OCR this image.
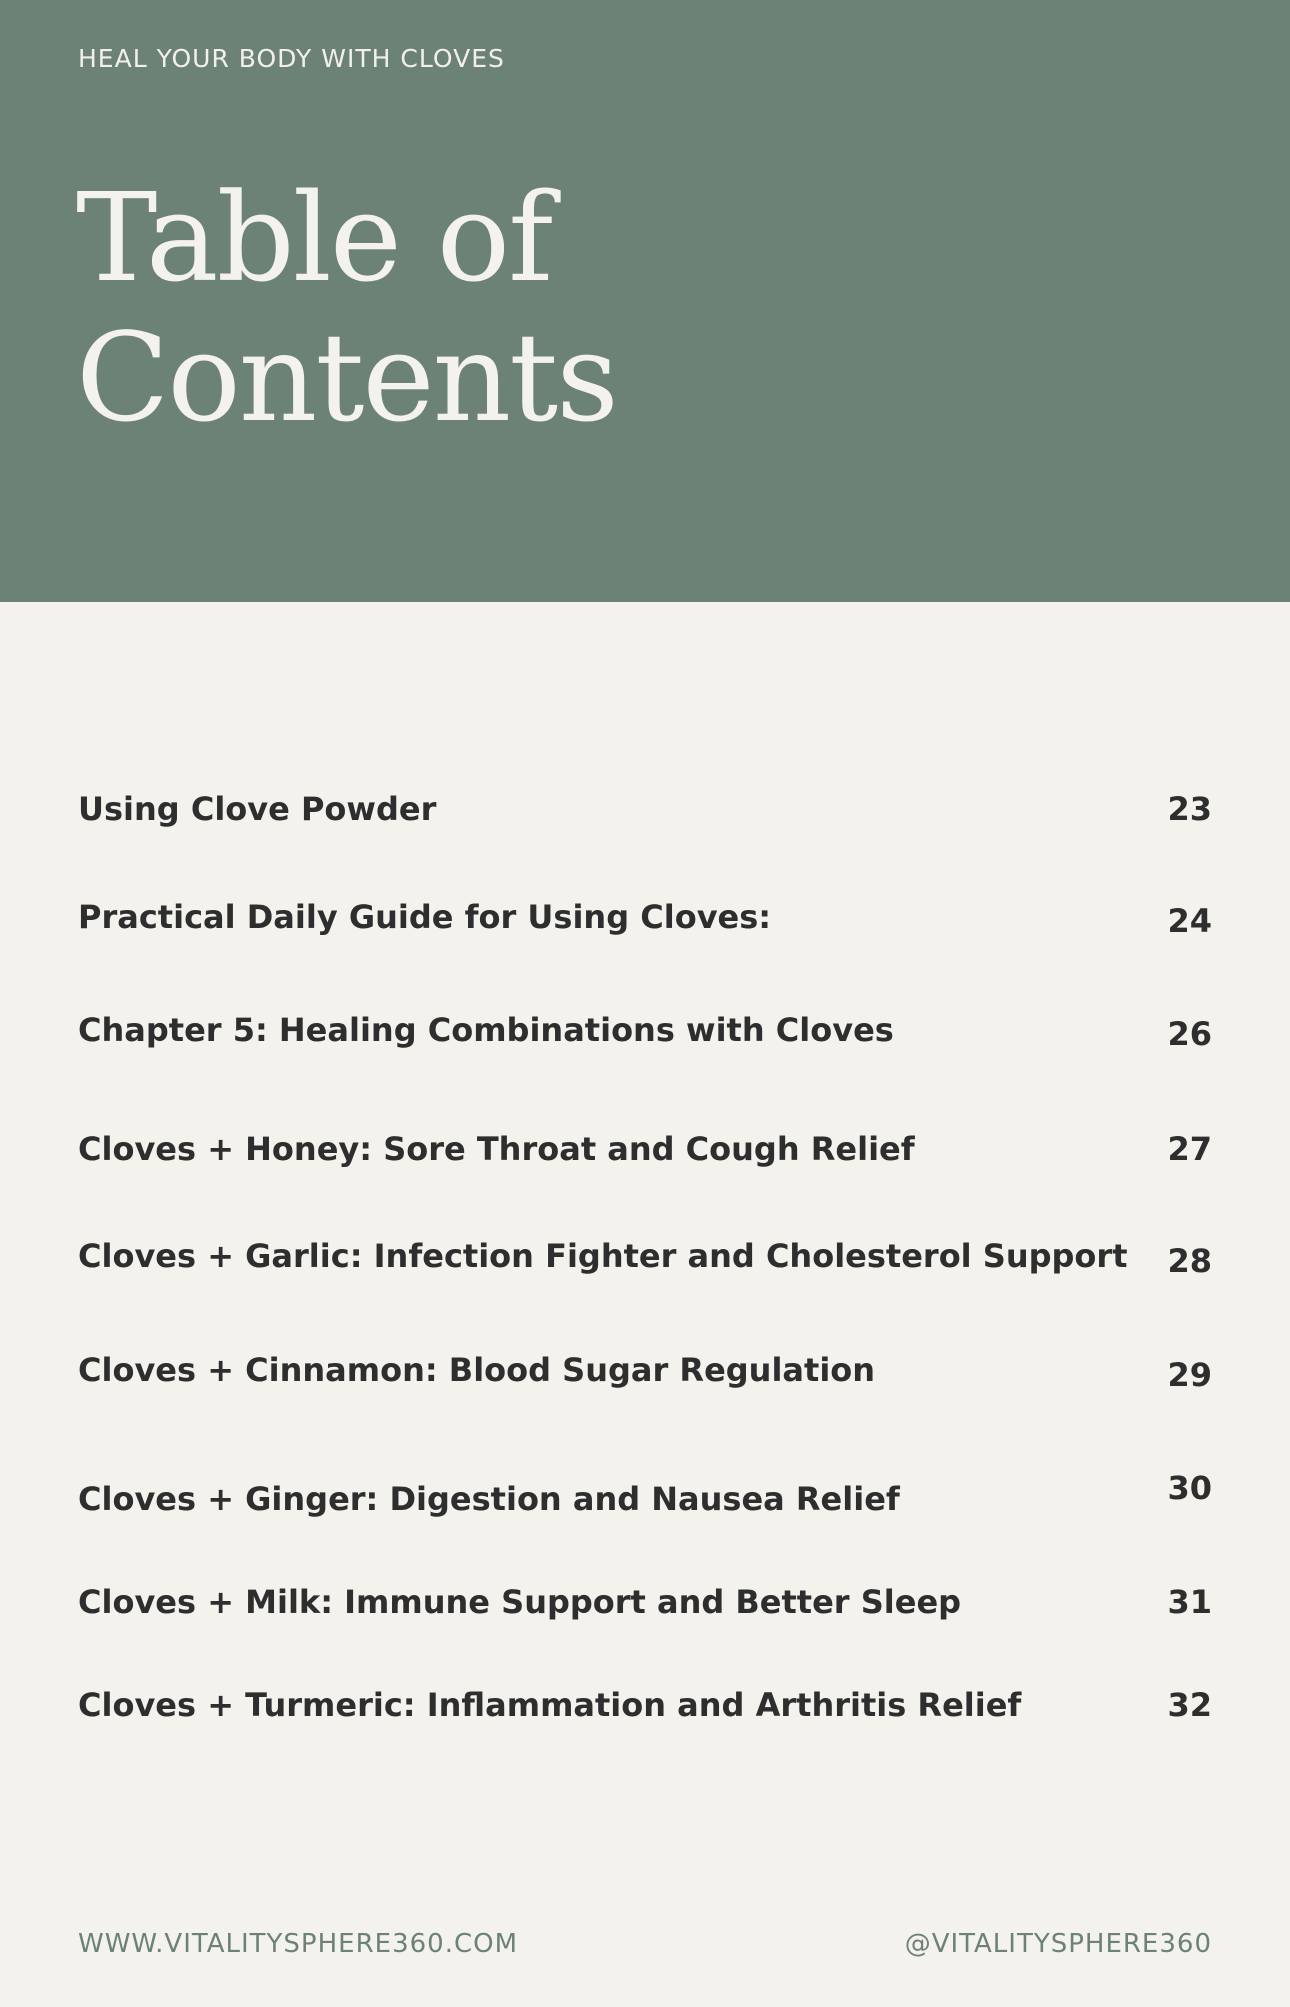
HEAL YOUR BODY WITH CLOVES
Table of
Contents
Using Clove Powder	23
Practical Daily Guide for Using Cloves:	24
Chapter 5: Healing Combinations with Cloves	26
Cloves + Honey: Sore Throat and Cough Relief	27
Cloves + Garlic: Infection Fighter and Cholesterol Support 28
Cloves + Cinnamon: Blood Sugar Regulation	29
Cloves + Ginger: Digestion and Nausea Relief	30
Cloves + Milk: Immune Support and Better Sleep	31
Cloves + Turmeric: Inflammation and Arthritis Relief	32
WWW.VITALITYSPHERE360.COM	@VITALITYSPHERE360
